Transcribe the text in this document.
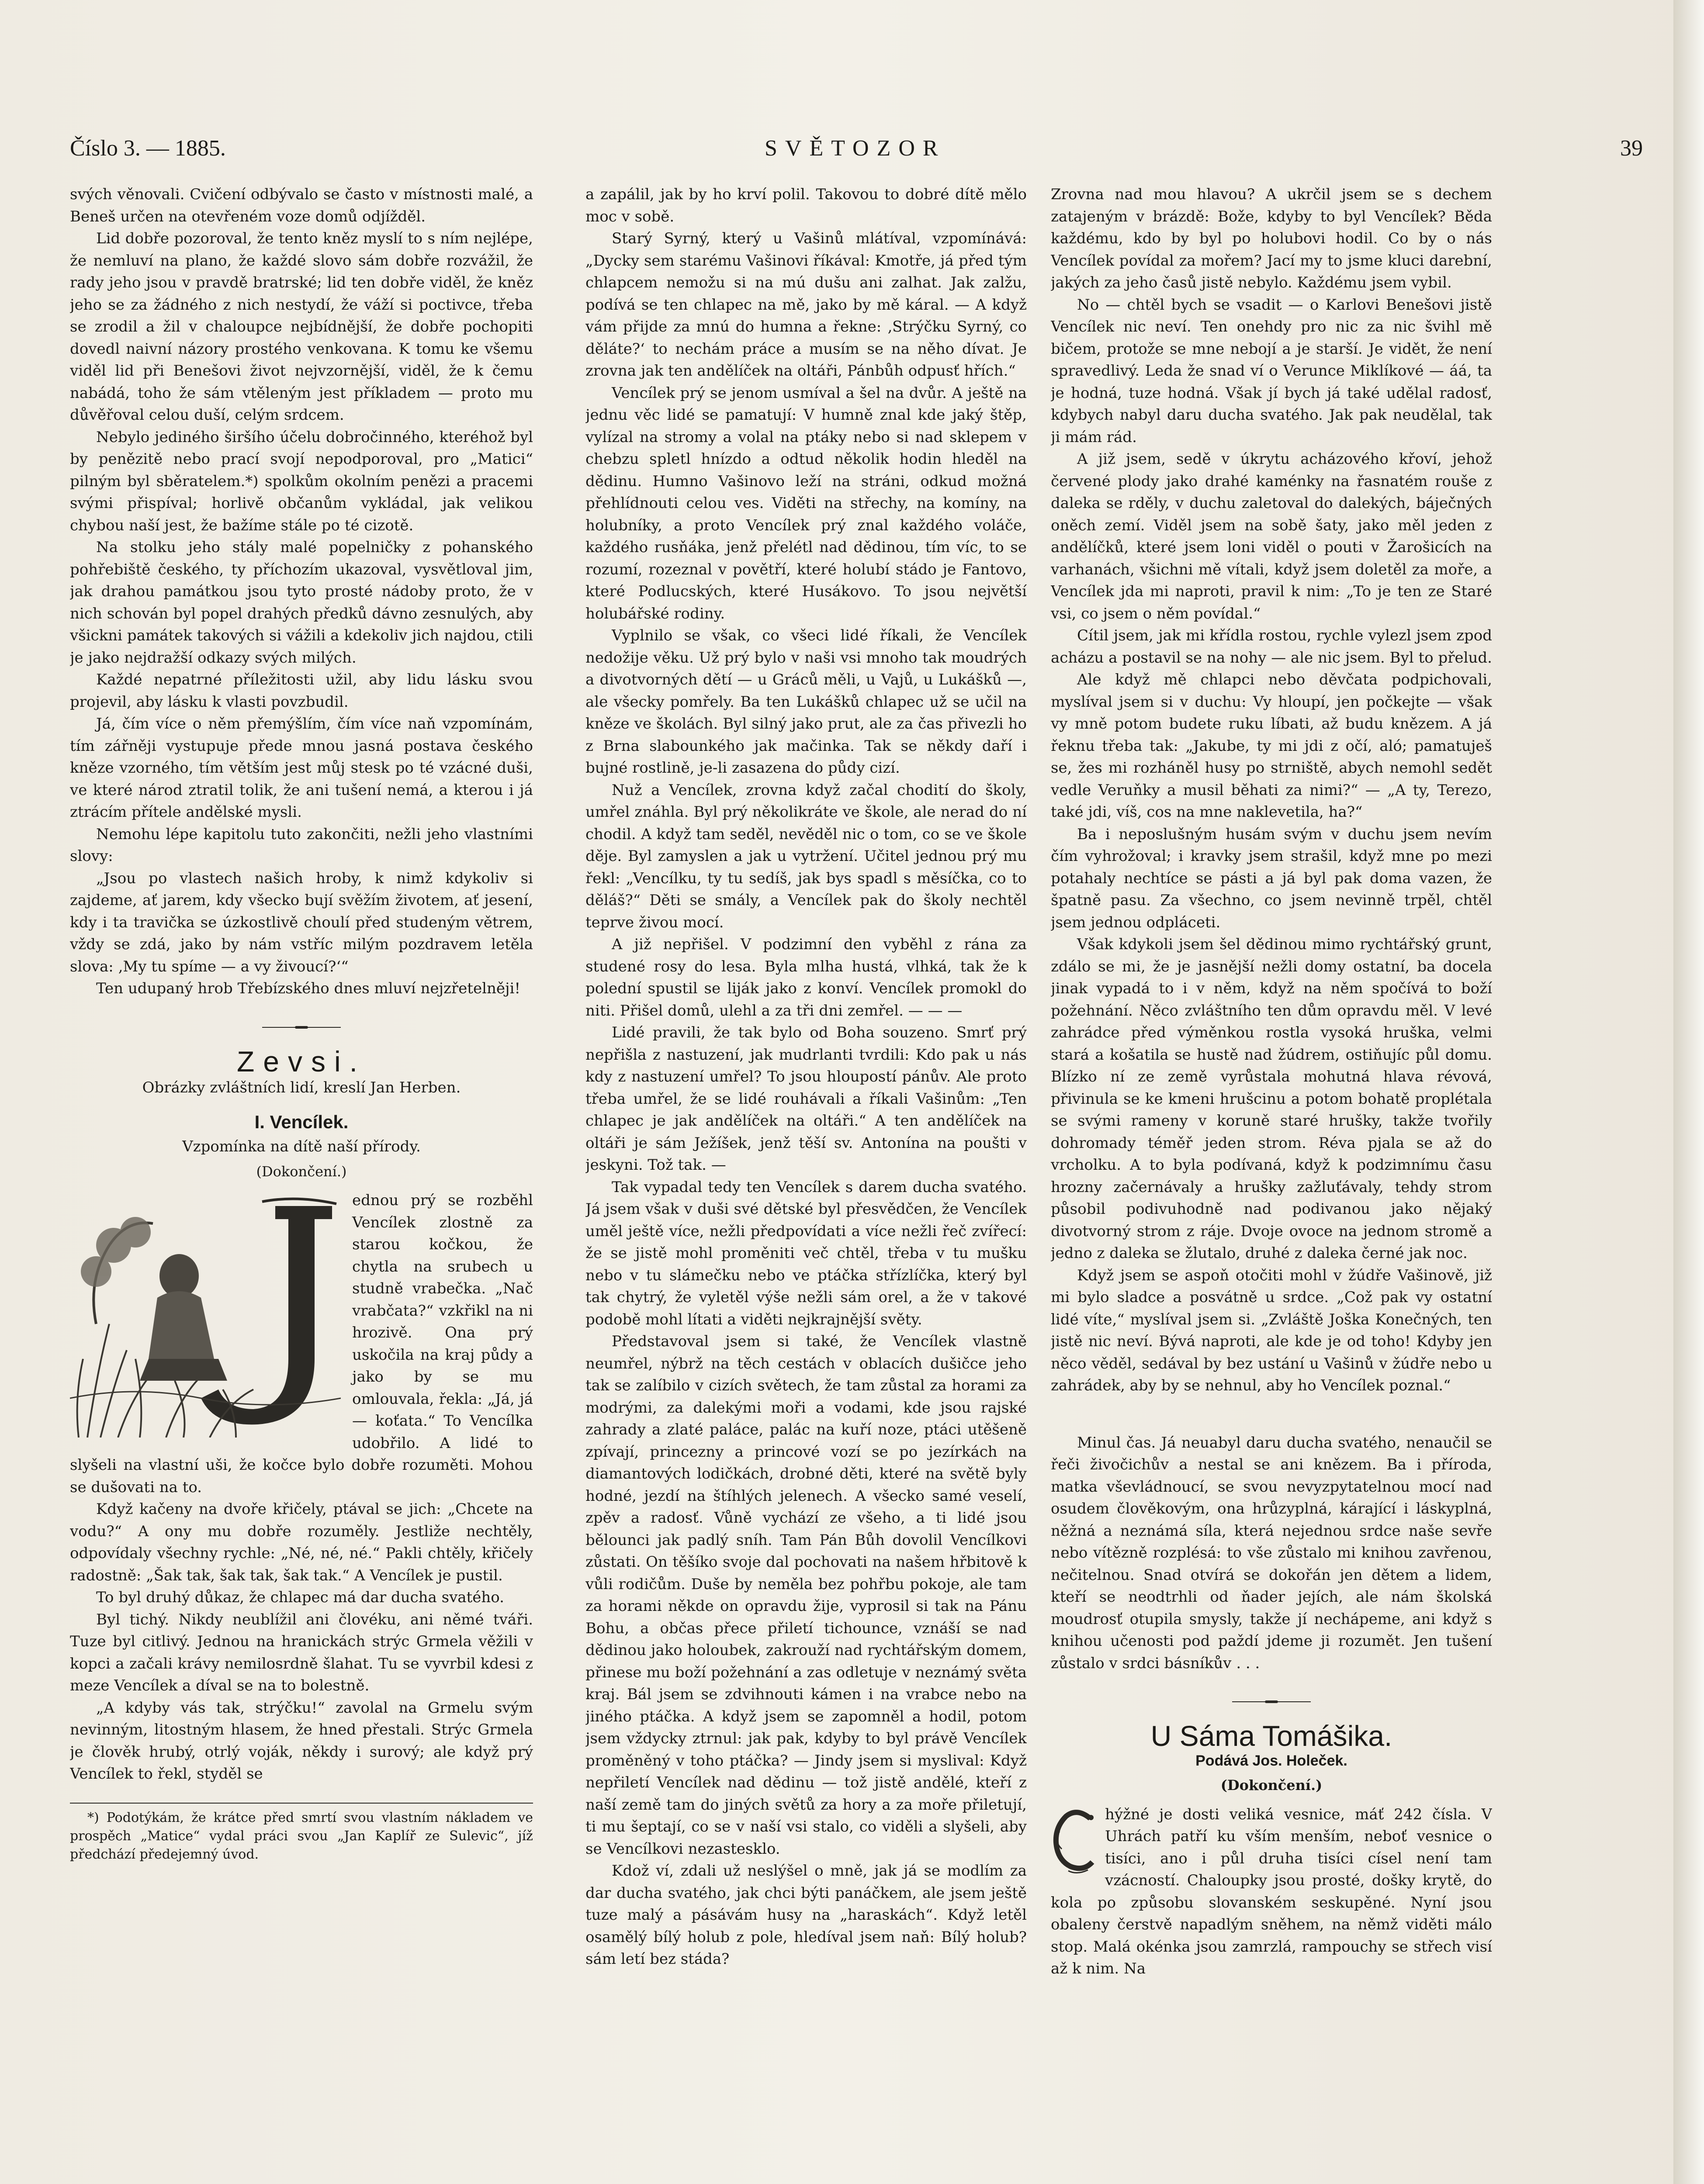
Číslo 3. — 1885.	SVĚTOZOR	39

svých věnovali. Cvičení odbývalo se často v místnosti malé, a Beneš určen na otevřeném voze domů odjížděl.

Lid dobře pozoroval, že tento kněz myslí to s ním nejlépe, že nemluví na plano, že každé slovo sám dobře rozvážil, že rady jeho jsou v pravdě bratrské; lid ten dobře viděl, že kněz jeho se za žádného z nich nestydí, že váží si poctivce, třeba se zrodil a žil v chaloupce nejbídnější, že dobře pochopiti dovedl naivní názory prostého venkovana. K tomu ke všemu viděl lid při Benešovi život nejvzornější, viděl, že k čemu nabádá, toho že sám vtěleným jest příkladem — proto mu důvěřoval celou duší, celým srdcem.

Nebylo jediného širšího účelu dobročinného, kteréhož byl by penězitě nebo prací svojí nepodporoval, pro „Matici“ pilným byl sběratelem.*) spolkům okolním penězi a pracemi svými přispíval; horlivě občanům vykládal, jak velikou chybou naší jest, že bažíme stále po té cizotě.

Na stolku jeho stály malé popelničky z pohanského pohřebiště českého, ty příchozím ukazoval, vysvětloval jim, jak drahou památkou jsou tyto prosté nádoby proto, že v nich schován byl popel drahých předků dávno zesnulých, aby všickni památek takových si vážili a kdekoliv jich najdou, ctili je jako nejdražší odkazy svých milých.

Každé nepatrné příležitosti užil, aby lidu lásku svou projevil, aby lásku k vlasti povzbudil.

Já, čím více o něm přemýšlím, čím více naň vzpomínám, tím zářněji vystupuje přede mnou jasná postava českého kněze vzorného, tím větším jest můj stesk po té vzácné duši, ve které národ ztratil tolik, že ani tušení nemá, a kterou i já ztrácím přítele andělské mysli.

Nemohu lépe kapitolu tuto zakončiti, nežli jeho vlastními slovy:

„Jsou po vlastech našich hroby, k nimž kdykoliv si zajdeme, ať jarem, kdy všecko bují svěžím životem, ať jesení, kdy i ta travička se úzkostlivě choulí před studeným větrem, vždy se zdá, jako by nám vstříc milým pozdravem letěla slova: ‚My tu spíme — a vy živoucí?‘“

Ten udupaný hrob Třebízského dnes mluví nejzřetelněji!

Zevsi.
Obrázky zvláštních lidí, kreslí Jan Herben.
I. Vencílek.
Vzpomínka na dítě naší přírody.
(Dokončení.)

ednou prý se rozběhl Vencílek zlostně za starou kočkou, že chytla na srubech u studně vrabečka. „Nač vrabčata?“ vzkřikl na ni hrozivě. Ona prý uskočila na kraj půdy a jako by se mu omlouvala, řekla: „Já, já — koťata.“ To Vencílka udobřilo. A lidé to slyšeli na vlastní uši, že kočce bylo dobře rozuměti. Mohou se dušovati na to.

Když kačeny na dvoře křičely, ptával se jich: „Chcete na vodu?“ A ony mu dobře rozuměly. Jestliže nechtěly, odpovídaly všechny rychle: „Né, né, né.“ Pakli chtěly, křičely radostně: „Šak tak, šak tak, šak tak.“ A Vencílek je pustil.

To byl druhý důkaz, že chlapec má dar ducha svatého.

Byl tichý. Nikdy neublížil ani človéku, ani němé tváři. Tuze byl citlivý. Jednou na hranickách strýc Grmela věžili v kopci a začali krávy nemilosrdně šlahat. Tu se vyvrbil kdesi z meze Vencílek a díval se na to bolestně.

„A kdyby vás tak, strýčku!“ zavolal na Grmelu svým nevinným, litostným hlasem, že hned přestali. Strýc Grmela je člověk hrubý, otrlý voják, někdy i surový; ale když prý Vencílek to řekl, styděl se

*) Podotýkám, že krátce před smrtí svou vlastním nákladem ve prospěch „Matice“ vydal práci svou „Jan Kaplíř ze Sulevic“, jíž předchází předejemný úvod.

a zapálil, jak by ho krví polil. Takovou to dobré dítě mělo moc v sobě.

Starý Syrný, který u Vašinů mlátíval, vzpomínává: „Dycky sem starému Vašinovi říkával: Kmotře, já před tým chlapcem nemožu si na mú dušu ani zalhat. Jak zalžu, podívá se ten chlapec na mě, jako by mě káral. — A když vám přijde za mnú do humna a řekne: ‚Strýčku Syrný, co děláte?‘ to nechám práce a musím se na něho dívat. Je zrovna jak ten andělíček na oltáři, Pánbůh odpusť hřích.“

Vencílek prý se jenom usmíval a šel na dvůr. A ještě na jednu věc lidé se pamatují: V humně znal kde jaký štěp, vylízal na stromy a volal na ptáky nebo si nad sklepem v chebzu spletl hnízdo a odtud několik hodin hleděl na dědinu. Humno Vašinovo leží na stráni, odkud možná přehlídnouti celou ves. Viděti na střechy, na komíny, na holubníky, a proto Vencílek prý znal každého voláče, každého rusňáka, jenž přelétl nad dědinou, tím víc, to se rozumí, rozeznal v povětří, které holubí stádo je Fantovo, které Podlucských, které Husákovo. To jsou největší holubářské rodiny.

Vyplnilo se však, co všeci lidé říkali, že Vencílek nedožije věku. Už prý bylo v naši vsi mnoho tak moudrých a divotvorných dětí — u Gráců měli, u Vajů, u Lukášků —, ale všecky pomřely. Ba ten Lukášků chlapec už se učil na kněze ve školách. Byl silný jako prut, ale za čas přivezli ho z Brna slabounkého jak mačinka. Tak se někdy daří i bujné rostlině, je-li zasazena do půdy cizí.

Nuž a Vencílek, zrovna když začal chodití do školy, umřel znáhla. Byl prý několikráte ve škole, ale nerad do ní chodil. A když tam seděl, nevěděl nic o tom, co se ve škole děje. Byl zamyslen a jak u vytržení. Učitel jednou prý mu řekl: „Vencílku, ty tu sedíš, jak bys spadl s měsíčka, co to děláš?“ Děti se smály, a Vencílek pak do školy nechtěl teprve živou mocí.

A již nepřišel. V podzimní den vyběhl z rána za studené rosy do lesa. Byla mlha hustá, vlhká, tak že k polední spustil se liják jako z konví. Vencílek promokl do niti. Přišel domů, ulehl a za tři dni zemřel. — — —

Lidé pravili, že tak bylo od Boha souzeno. Smrť prý nepřišla z nastuzení, jak mudrlanti tvrdili: Kdo pak u nás kdy z nastuzení umřel? To jsou hloupostí pánův. Ale proto třeba umřel, že se lidé rouhávali a říkali Vašinům: „Ten chlapec je jak andělíček na oltáři.“ A ten andělíček na oltáři je sám Ježíšek, jenž těší sv. Antonína na poušti v jeskyni. Tož tak. —

Tak vypadal tedy ten Vencílek s darem ducha svatého. Já jsem však v duši své dětské byl přesvědčen, že Vencílek uměl ještě více, nežli předpovídati a více nežli řeč zvířecí: že se jistě mohl proměniti več chtěl, třeba v tu mušku nebo v tu slámečku nebo ve ptáčka střízlíčka, který byl tak chytrý, že vyletěl výše nežli sám orel, a že v takové podobě mohl lítati a viděti nejkrajnější světy.

Představoval jsem si také, že Vencílek vlastně neumřel, nýbrž na těch cestách v oblacích dušičce jeho tak se zalíbilo v cizích světech, že tam zůstal za horami za modrými, za dalekými moři a vodami, kde jsou rajské zahrady a zlaté paláce, palác na kuří noze, ptáci utěšeně zpívají, princezny a princové vozí se po jezírkách na diamantových lodičkách, drobné děti, které na světě byly hodné, jezdí na štíhlých jelenech. A všecko samé veselí, zpěv a radosť. Vůně vychází ze všeho, a ti lidé jsou bělounci jak padlý sníh. Tam Pán Bůh dovolil Vencílkovi zůstati. On těšíko svoje dal pochovati na našem hřbitově k vůli rodičům. Duše by neměla bez pohřbu pokoje, ale tam za horami někde on opravdu žije, vyprosil si tak na Pánu Bohu, a občas přece přiletí tichounce, vznáší se nad dědinou jako holoubek, zakrouží nad rychtářským domem, přinese mu boží požehnání a zas odletuje v neznámý světa kraj. Bál jsem se zdvihnouti kámen i na vrabce nebo na jiného ptáčka. A když jsem se zapomněl a hodil, potom jsem vždycky ztrnul: jak pak, kdyby to byl právě Vencílek proměněný v toho ptáčka? — Jindy jsem si myslival: Když nepřiletí Vencílek nad dědinu — tož jistě andělé, kteří z naší země tam do jiných světů za hory a za moře přiletují, ti mu šeptají, co se v naší vsi stalo, co viděli a slyšeli, aby se Vencílkovi nezastesklo.

Kdož ví, zdali už neslýšel o mně, jak já se modlím za dar ducha svatého, jak chci býti panáčkem, ale jsem ještě tuze malý a pásávám husy na „haraskách“. Když letěl osamělý bílý holub z pole, hledíval jsem naň: Bílý holub? sám letí bez stáda?

Zrovna nad mou hlavou? A ukrčil jsem se s dechem zatajeným v brázdě: Bože, kdyby to byl Vencílek? Běda každému, kdo by byl po holubovi hodil. Co by o nás Vencílek povídal za mořem? Jací my to jsme kluci darební, jakých za jeho časů jistě nebylo. Každému jsem vybil.

No — chtěl bych se vsadit — o Karlovi Benešovi jistě Vencílek nic neví. Ten onehdy pro nic za nic švihl mě bičem, protože se mne nebojí a je starší. Je vidět, že není spravedlivý. Leda že snad ví o Verunce Miklíkové — áá, ta je hodná, tuze hodná. Však jí bych já také udělal radosť, kdybych nabyl daru ducha svatého. Jak pak neudělal, tak ji mám rád.

A již jsem, sedě v úkrytu acházového křoví, jehož červené plody jako drahé kaménky na řasnatém rouše z daleka se rděly, v duchu zaletoval do dalekých, báječných oněch zemí. Viděl jsem na sobě šaty, jako měl jeden z andělíčků, které jsem loni viděl o pouti v Žarošicích na varhanách, všichni mě vítali, když jsem doletěl za moře, a Vencílek jda mi naproti, pravil k nim: „To je ten ze Staré vsi, co jsem o něm povídal.“

Cítil jsem, jak mi křídla rostou, rychle vylezl jsem zpod acházu a postavil se na nohy — ale nic jsem. Byl to přelud.

Ale když mě chlapci nebo děvčata podpichovali, myslíval jsem si v duchu: Vy hloupí, jen počkejte — však vy mně potom budete ruku líbati, až budu knězem. A já řeknu třeba tak: „Jakube, ty mi jdi z očí, aló; pamatuješ se, žes mi rozháněl husy po strniště, abych nemohl sedět vedle Veruňky a musil běhati za nimi?“ — „A ty, Terezo, také jdi, víš, cos na mne naklevetila, ha?“

Ba i neposlušným husám svým v duchu jsem nevím čím vyhrožoval; i kravky jsem strašil, když mne po mezi potahaly nechtíce se pásti a já byl pak doma vazen, že špatně pasu. Za všechno, co jsem nevinně trpěl, chtěl jsem jednou odpláceti.

Však kdykoli jsem šel dědinou mimo rychtářský grunt, zdálo se mi, že je jasnější nežli domy ostatní, ba docela jinak vypadá to i v něm, když na něm spočívá to boží požehnání. Něco zvláštního ten dům opravdu měl. V levé zahrádce před výměnkou rostla vysoká hruška, velmi stará a košatila se hustě nad žúdrem, ostiňujíc půl domu. Blízko ní ze země vyrůstala mohutná hlava révová, přivinula se ke kmeni hrušcinu a potom bohatě proplétala se svými rameny v koruně staré hrušky, takže tvořily dohromady téměř jeden strom. Réva pjala se až do vrcholku. A to byla podívaná, když k podzimnímu času hrozny začernávaly a hrušky zažluťávaly, tehdy strom působil podivuhodně nad podivanou jako nějaký divotvorný strom z ráje. Dvoje ovoce na jednom stromě a jedno z daleka se žlutalo, druhé z daleka černé jak noc.

Když jsem se aspoň otočiti mohl v žúdře Vašinově, již mi bylo sladce a posvátně u srdce. „Což pak vy ostatní lidé víte,“ myslíval jsem si. „Zvláště Joška Konečných, ten jistě nic neví. Bývá naproti, ale kde je od toho! Kdyby jen něco věděl, sedával by bez ustání u Vašinů v žúdře nebo u zahrádek, aby by se nehnul, aby ho Vencílek poznal.“

Minul čas. Já neuabyl daru ducha svatého, nenaučil se řeči živočichův a nestal se ani knězem. Ba i příroda, matka vševládnoucí, se svou nevyzpytatelnou mocí nad osudem člověkovým, ona hrůzyplná, kárající i láskyplná, něžná a neznámá síla, která nejednou srdce naše sevře nebo vítězně rozplésá: to vše zůstalo mi knihou zavřenou, nečitelnou. Snad otvírá se dokořán jen dětem a lidem, kteří se neodtrhli od ňader jejích, ale nám školská moudrosť otupila smysly, takže jí nechápeme, ani když s knihou učenosti pod paždí jdeme ji rozumět. Jen tušení zůstalo v srdci básníkův . . .

U Sáma Tomášika.
Podává Jos. Holeček.
(Dokončení.)

hýžné je dosti veliká vesnice, máť 242 čísla. V Uhrách patří ku vším menším, neboť vesnice o tisíci, ano i půl druha tisíci císel není tam vzácností. Chaloupky jsou prosté, došky krytě, do kola po způsobu slovanském seskupěné. Nyní jsou obaleny čerstvě napadlým sněhem, na němž viděti málo stop. Malá okénka jsou zamrzlá, rampouchy se střech visí až k nim. Na
